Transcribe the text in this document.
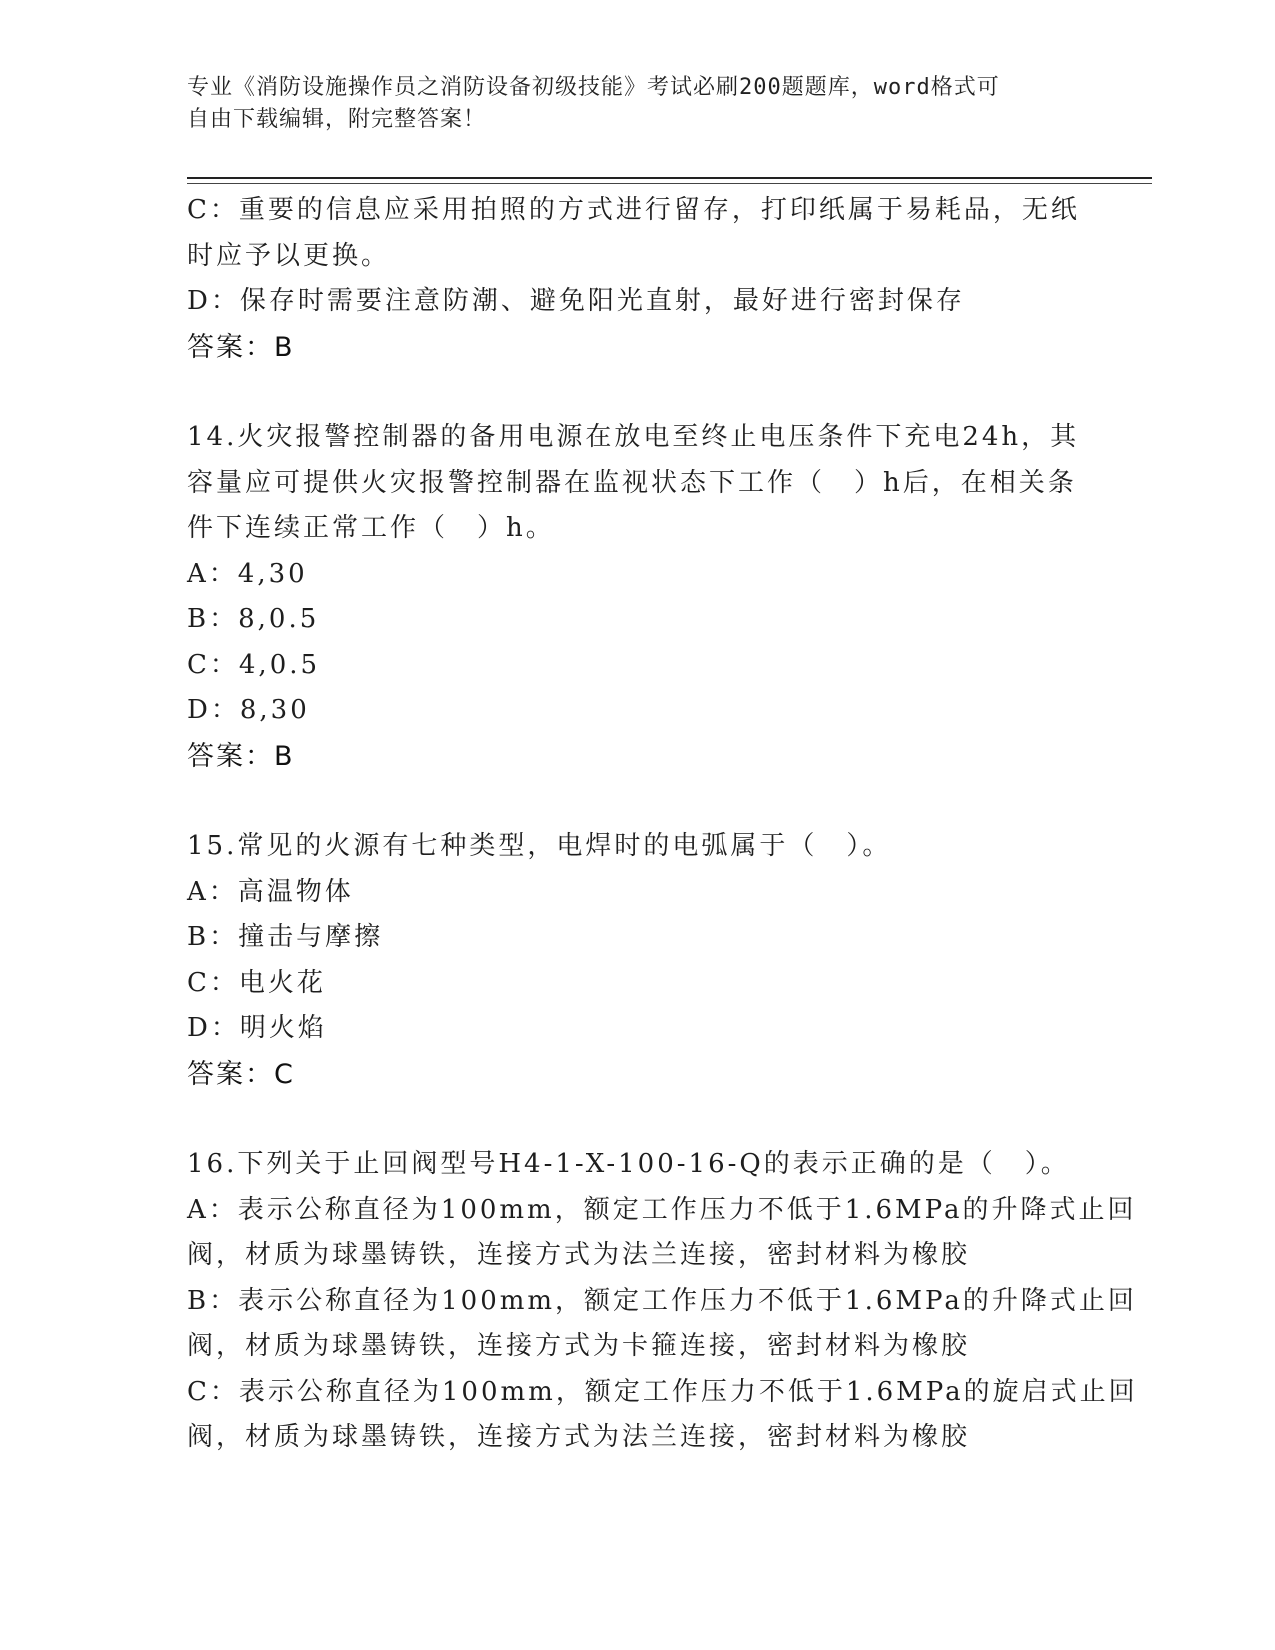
专业《消防设施操作员之消防设备初级技能》考试必刷200题题库，word格式可
自由下载编辑，附完整答案！
C：重要的信息应采用拍照的方式进行留存，打印纸属于易耗品，无纸
时应予以更换。
D：保存时需要注意防潮、避免阳光直射，最好进行密封保存
答案：B
14.火灾报警控制器的备用电源在放电至终止电压条件下充电24h，其
容量应可提供火灾报警控制器在监视状态下工作（　）h后，在相关条
件下连续正常工作（　）h。
A：4,30
B：8,0.5
C：4,0.5
D：8,30
答案：B
15.常见的火源有七种类型，电焊时的电弧属于（　）。
A：高温物体
B：撞击与摩擦
C：电火花
D：明火焰
答案：C
16.下列关于止回阀型号H4-1-X-100-16-Q的表示正确的是（　）。
A：表示公称直径为100mm，额定工作压力不低于1.6MPa的升降式止回
阀，材质为球墨铸铁，连接方式为法兰连接，密封材料为橡胶
B：表示公称直径为100mm，额定工作压力不低于1.6MPa的升降式止回
阀，材质为球墨铸铁，连接方式为卡箍连接，密封材料为橡胶
C：表示公称直径为100mm，额定工作压力不低于1.6MPa的旋启式止回
阀，材质为球墨铸铁，连接方式为法兰连接，密封材料为橡胶
